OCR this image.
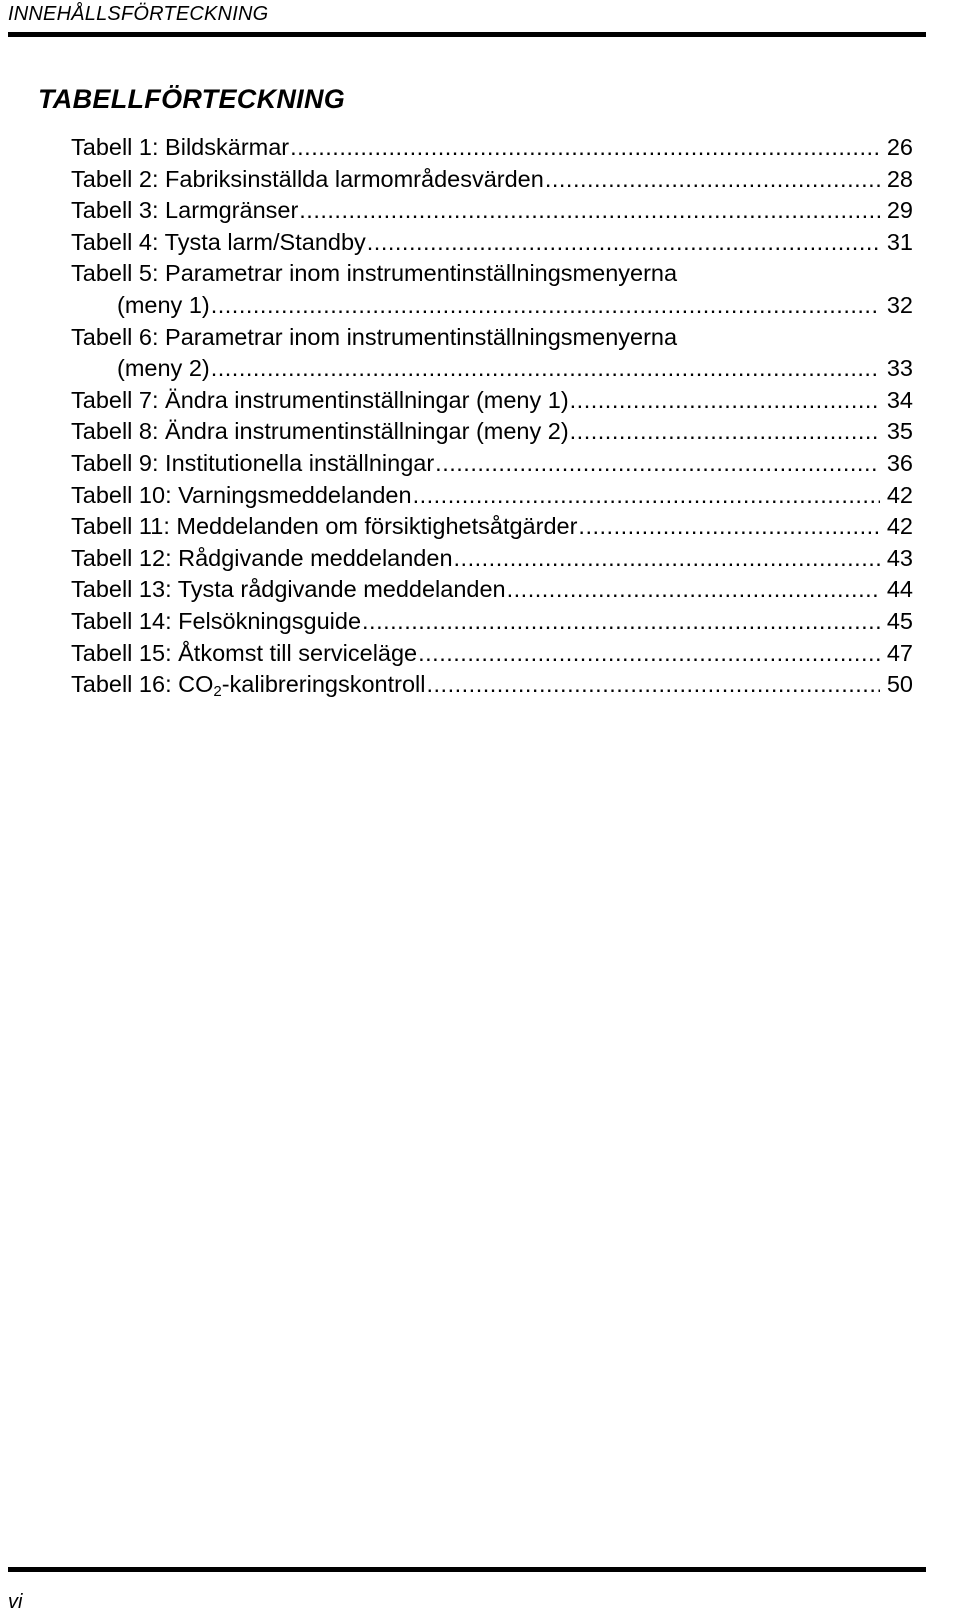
INNEHÅLLSFÖRTECKNING
TABELLFÖRTECKNING
Tabell 1: Bildskärmar .....	26
Tabell 2: Fabriksinställda larmområdesvärden .....	28
Tabell 3: Larmgränser .....	29
Tabell 4: Tysta larm/Standby .....	31
Tabell 5: Parametrar inom instrumentinställningsmenyerna
(meny 1) .....	32
Tabell 6: Parametrar inom instrumentinställningsmenyerna
(meny 2) .....	33
Tabell 7: Ändra instrumentinställningar (meny 1) .....	34
Tabell 8: Ändra instrumentinställningar (meny 2) .....	35
Tabell 9: Institutionella inställningar .....	36
Tabell 10: Varningsmeddelanden .....	42
Tabell 11: Meddelanden om försiktighetsåtgärder .....	42
Tabell 12: Rådgivande meddelanden .....	43
Tabell 13: Tysta rådgivande meddelanden .....	44
Tabell 14: Felsökningsguide .....	45
Tabell 15: Åtkomst till serviceläge .....	47
Tabell 16: CO2-kalibreringskontroll .....	50
vi
